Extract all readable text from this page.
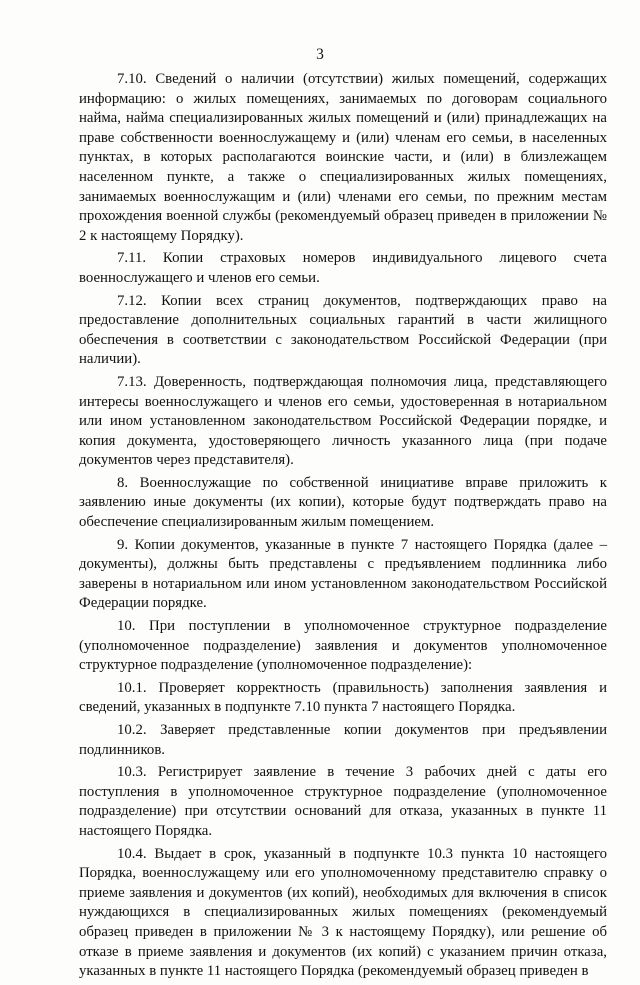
3

7.10. Сведений о наличии (отсутствии) жилых помещений, содержащих информацию: о жилых помещениях, занимаемых по договорам социального найма, найма специализированных жилых помещений и (или) принадлежащих на праве собственности военнослужащему и (или) членам его семьи, в населенных пунктах, в которых располагаются воинские части, и (или) в близлежащем населенном пункте, а также о специализированных жилых помещениях, занимаемых военнослужащим и (или) членами его семьи, по прежним местам прохождения военной службы (рекомендуемый образец приведен в приложении № 2 к настоящему Порядку).

7.11. Копии страховых номеров индивидуального лицевого счета военнослужащего и членов его семьи.

7.12. Копии всех страниц документов, подтверждающих право на предоставление дополнительных социальных гарантий в части жилищного обеспечения в соответствии с законодательством Российской Федерации (при наличии).

7.13. Доверенность, подтверждающая полномочия лица, представляющего интересы военнослужащего и членов его семьи, удостоверенная в нотариальном или ином установленном законодательством Российской Федерации порядке, и копия документа, удостоверяющего личность указанного лица (при подаче документов через представителя).

8. Военнослужащие по собственной инициативе вправе приложить к заявлению иные документы (их копии), которые будут подтверждать право на обеспечение специализированным жилым помещением.

9. Копии документов, указанные в пункте 7 настоящего Порядка (далее – документы), должны быть представлены с предъявлением подлинника либо заверены в нотариальном или ином установленном законодательством Российской Федерации порядке.

10. При поступлении в уполномоченное структурное подразделение (уполномоченное подразделение) заявления и документов уполномоченное структурное подразделение (уполномоченное подразделение):

10.1. Проверяет корректность (правильность) заполнения заявления и сведений, указанных в подпункте 7.10 пункта 7 настоящего Порядка.

10.2. Заверяет представленные копии документов при предъявлении подлинников.

10.3. Регистрирует заявление в течение 3 рабочих дней с даты его поступления в уполномоченное структурное подразделение (уполномоченное подразделение) при отсутствии оснований для отказа, указанных в пункте 11 настоящего Порядка.

10.4. Выдает в срок, указанный в подпункте 10.3 пункта 10 настоящего Порядка, военнослужащему или его уполномоченному представителю справку о приеме заявления и документов (их копий), необходимых для включения в список нуждающихся в специализированных жилых помещениях (рекомендуемый образец приведен в приложении № 3 к настоящему Порядку), или решение об отказе в приеме заявления и документов (их копий) с указанием причин отказа, указанных в пункте 11 настоящего Порядка (рекомендуемый образец приведен в
